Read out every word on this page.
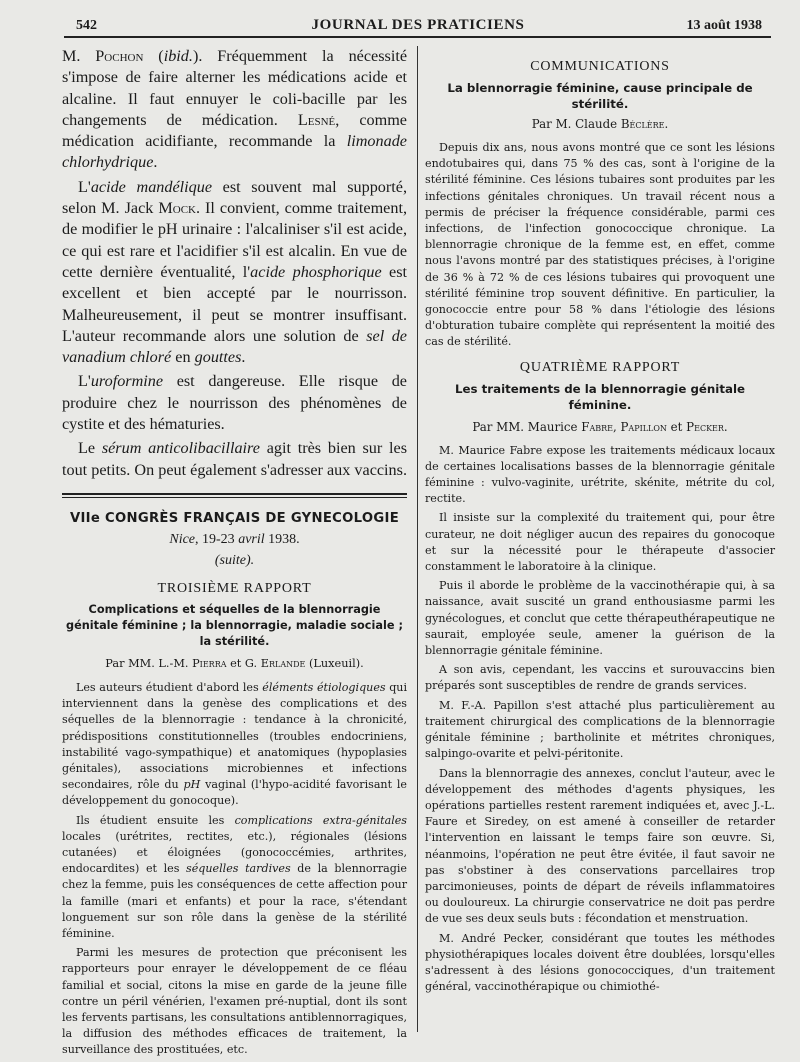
542	JOURNAL DES PRATICIENS	13 août 1938

M. Pochon (ibid.). Fréquemment la nécessité s'impose de faire alterner les médications acide et alcaline. Il faut ennuyer le coli-bacille par les changements de médication. Lesné, comme médication acidifiante, recommande la limonade chlorhydrique.

L'acide mandélique est souvent mal supporté, selon M. Jack Mock. Il convient, comme traitement, de modifier le pH urinaire : l'alcaliniser s'il est acide, ce qui est rare et l'acidifier s'il est alcalin. En vue de cette dernière éventualité, l'acide phosphorique est excellent et bien accepté par le nourrisson. Malheureusement, il peut se montrer insuffisant. L'auteur recommande alors une solution de sel de vanadium chloré en gouttes.

L'uroformine est dangereuse. Elle risque de produire chez le nourrisson des phénomènes de cystite et des hématuries.

Le sérum anticolibacillaire agit très bien sur les tout petits. On peut également s'adresser aux vaccins.

VIIe CONGRÈS FRANÇAIS DE GYNECOLOGIE
Nice, 19-23 avril 1938.
(suite).
TROISIÈME RAPPORT
Complications et séquelles de la blennorragie génitale féminine ; la blennorragie, maladie sociale ; la stérilité.
Par MM. L.-M. Pierra et G. Erlande (Luxeuil).

Les auteurs étudient d'abord les éléments étiologiques qui interviennent dans la genèse des complications et des séquelles de la blennorragie : tendance à la chronicité, prédispositions constitutionnelles (troubles endocriniens, instabilité vago-sympathique) et anatomiques (hypoplasies génitales), associations microbiennes et infections secondaires, rôle du pH vaginal (l'hypo-acidité favorisant le développement du gonocoque).

Ils étudient ensuite les complications extra-génitales locales (urétrites, rectites, etc.), régionales (lésions cutanées) et éloignées (gonococcémies, arthrites, endocardites) et les séquelles tardives de la blennorragie chez la femme, puis les conséquences de cette affection pour la famille (mari et enfants) et pour la race, s'étendant longuement sur son rôle dans la genèse de la stérilité féminine.

Parmi les mesures de protection que préconisent les rapporteurs pour enrayer le développement de ce fléau familial et social, citons la mise en garde de la jeune fille contre un péril vénérien, l'examen pré-nuptial, dont ils sont les fervents partisans, les consultations antiblennorragiques, la diffusion des méthodes efficaces de traitement, la surveillance des prostituées, etc.

COMMUNICATIONS
La blennorragie féminine, cause principale de stérilité.
Par M. Claude Béclère.

Depuis dix ans, nous avons montré que ce sont les lésions endotubaires qui, dans 75 % des cas, sont à l'origine de la stérilité féminine. Ces lésions tubaires sont produites par les infections génitales chroniques. Un travail récent nous a permis de préciser la fréquence considérable, parmi ces infections, de l'infection gonococcique chronique. La blennorragie chronique de la femme est, en effet, comme nous l'avons montré par des statistiques précises, à l'origine de 36 % à 72 % de ces lésions tubaires qui provoquent une stérilité féminine trop souvent définitive. En particulier, la gonococcie entre pour 58 % dans l'étiologie des lésions d'obturation tubaire complète qui représentent la moitié des cas de stérilité.

QUATRIÈME RAPPORT
Les traitements de la blennorragie génitale féminine.
Par MM. Maurice Fabre, Papillon et Pecker.

M. Maurice Fabre expose les traitements médicaux locaux de certaines localisations basses de la blennorragie génitale féminine : vulvo-vaginite, urétrite, skénite, métrite du col, rectite.

Il insiste sur la complexité du traitement qui, pour être curateur, ne doit négliger aucun des repaires du gonocoque et sur la nécessité pour le thérapeute d'associer constamment le laboratoire à la clinique.

Puis il aborde le problème de la vaccinothérapie qui, à sa naissance, avait suscité un grand enthousiasme parmi les gynécologues, et conclut que cette thérapeuthérapeutique ne saurait, employée seule, amener la guérison de la blennorragie génitale féminine.

A son avis, cependant, les vaccins et surouvaccins bien préparés sont susceptibles de rendre de grands services.

M. F.-A. Papillon s'est attaché plus particulièrement au traitement chirurgical des complications de la blennorragie génitale féminine ; bartholinite et métrites chroniques, salpingo-ovarite et pelvi-péritonite.

Dans la blennorragie des annexes, conclut l'auteur, avec le développement des méthodes d'agents physiques, les opérations partielles restent rarement indiquées et, avec J.-L. Faure et Siredey, on est amené à conseiller de retarder l'intervention en laissant le temps faire son œuvre. Si, néanmoins, l'opération ne peut être évitée, il faut savoir ne pas s'obstiner à des conservations parcellaires trop parcimonieuses, points de départ de réveils inflammatoires ou douloureux. La chirurgie conservatrice ne doit pas perdre de vue ses deux seuls buts : fécondation et menstruation.

M. André Pecker, considérant que toutes les méthodes physiothérapiques locales doivent être doublées, lorsqu'elles s'adressent à des lésions gonococciques, d'un traitement général, vaccinothérapique ou chimiothé-
